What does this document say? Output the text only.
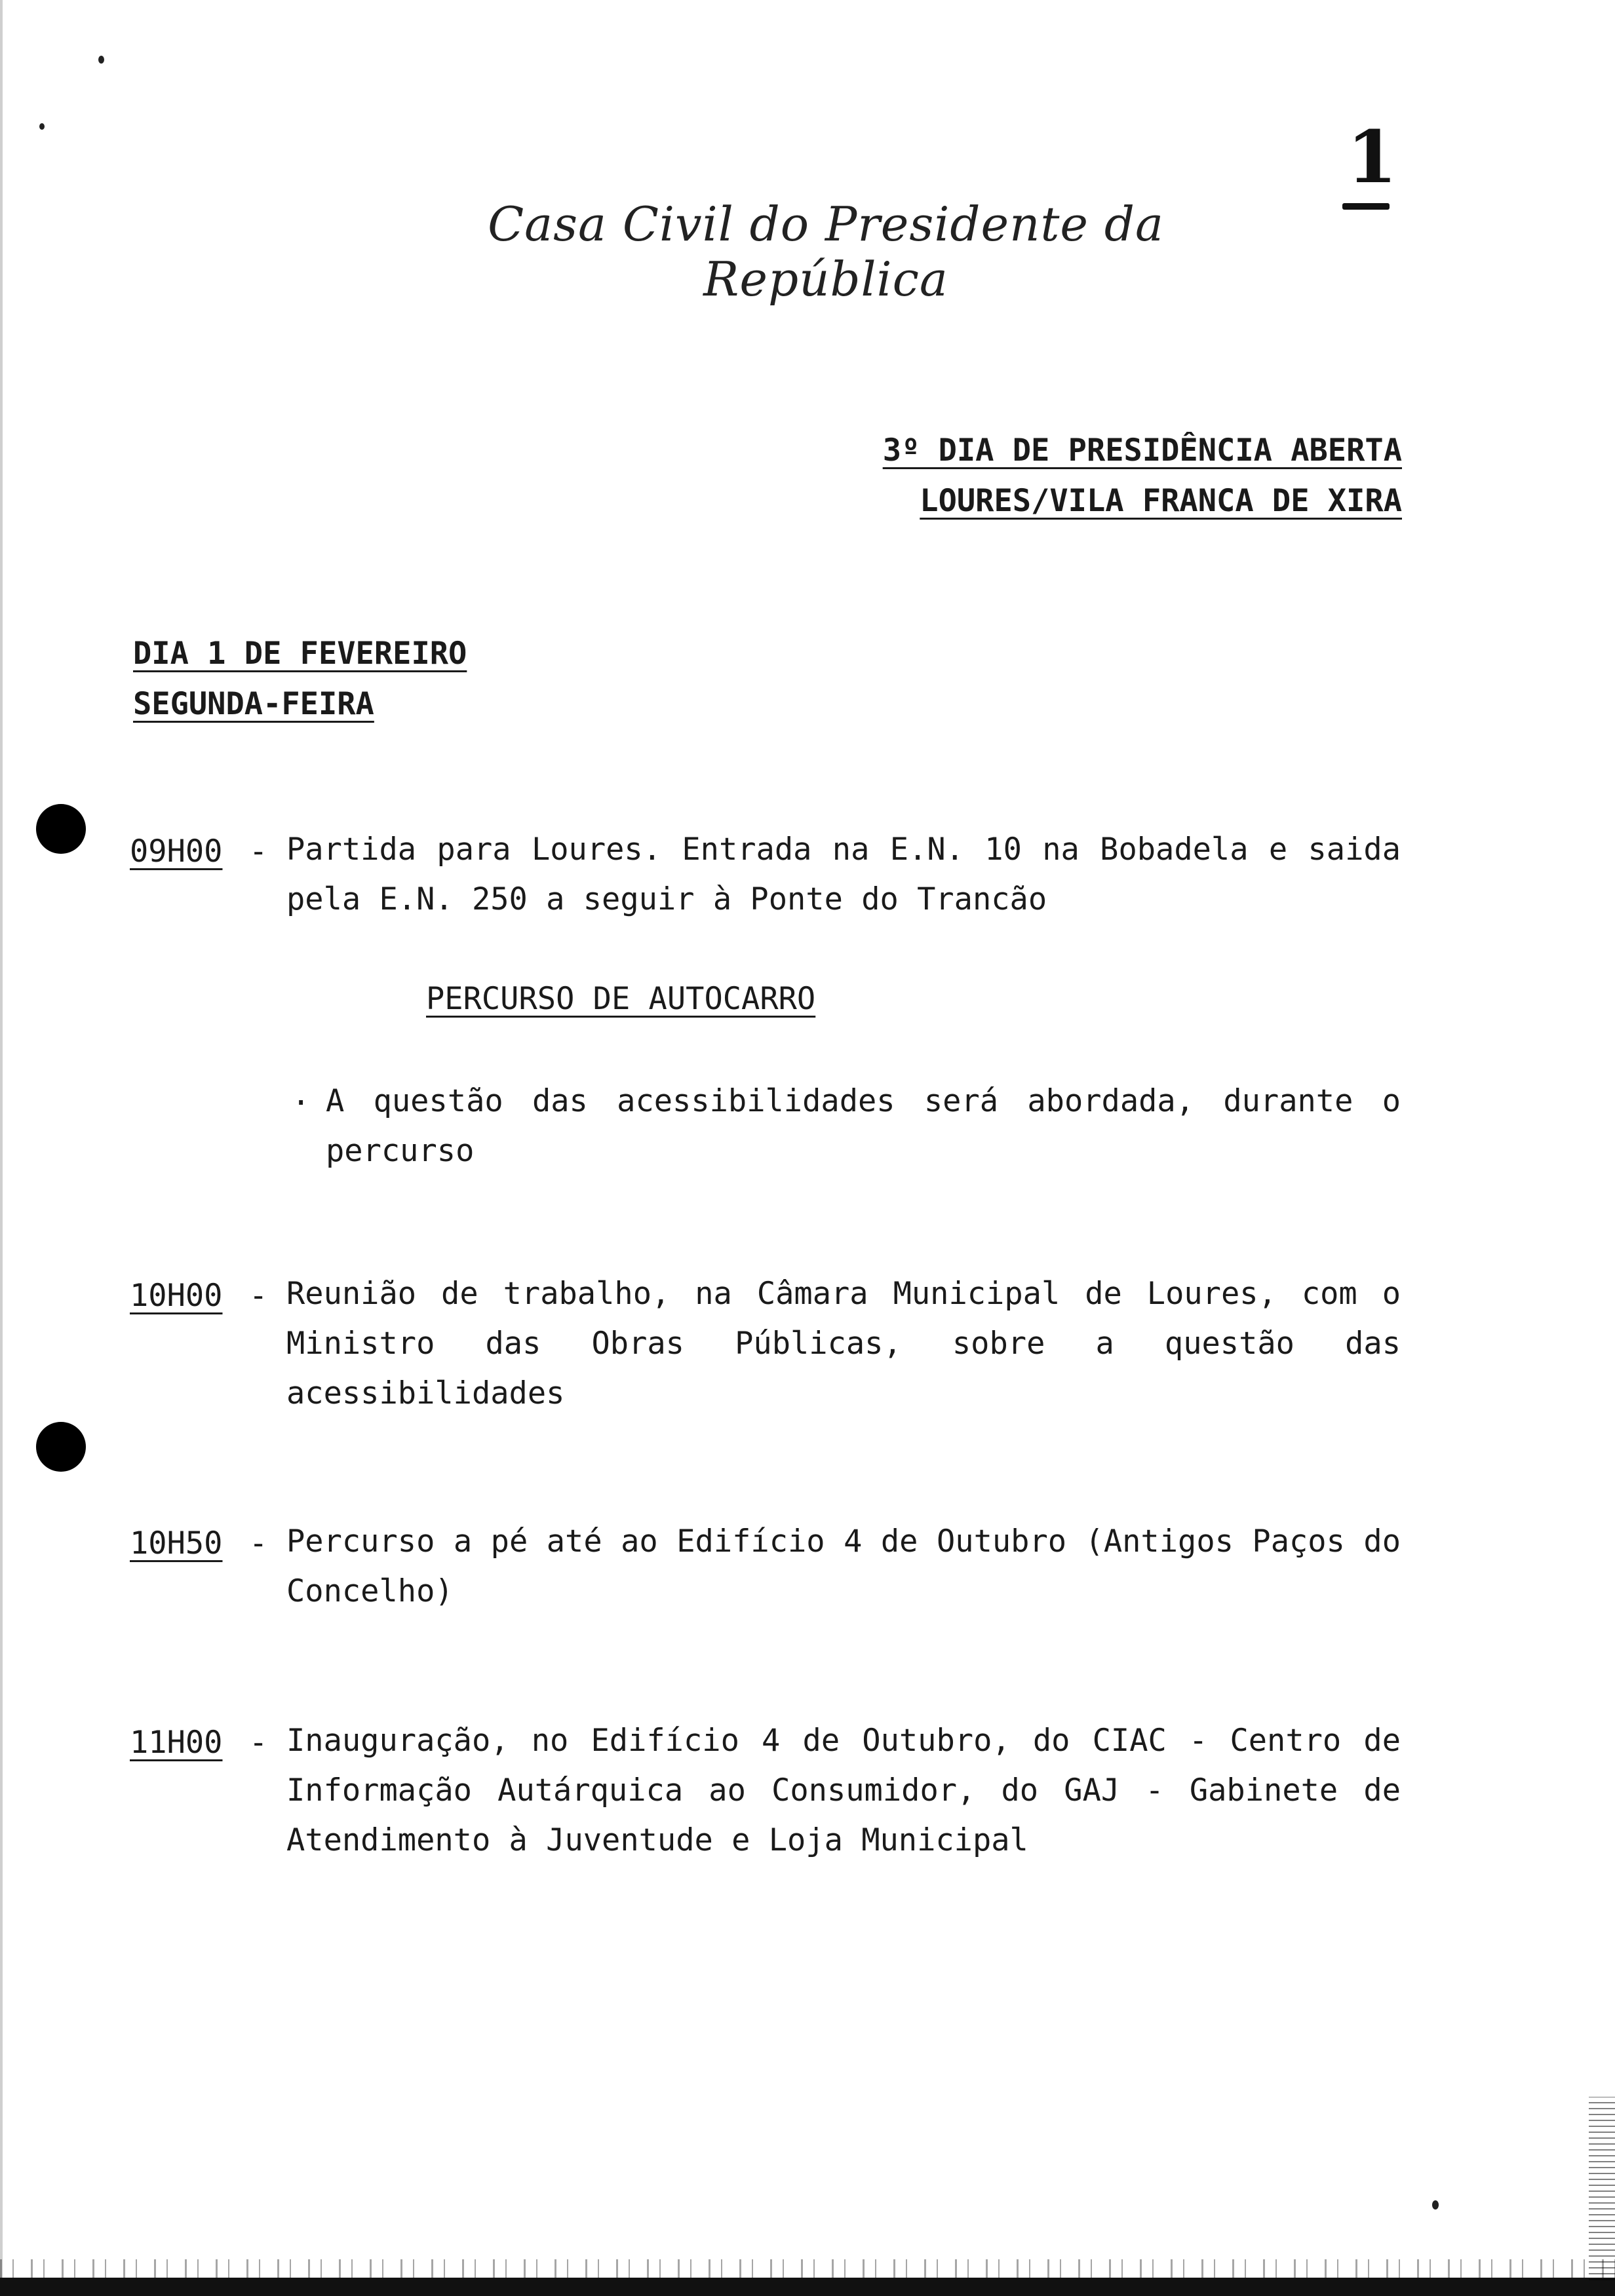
1
Casa Civil do Presidente da República
3º DIA DE PRESIDÊNCIA ABERTA
LOURES/VILA FRANCA DE XIRA
DIA 1 DE FEVEREIRO
SEGUNDA-FEIRA
09H00 - Partida para Loures. Entrada na E.N. 10 na Bobadela e saida pela E.N. 250 a seguir à Ponte do Trancão
PERCURSO DE AUTOCARRO
. A questão das acessibilidades será abordada, durante o percurso
10H00 - Reunião de trabalho, na Câmara Municipal de Loures, com o Ministro das Obras Públicas, sobre a questão das acessibilidades
10H50 - Percurso a pé até ao Edifício 4 de Outubro (Antigos Paços do Concelho)
11H00 - Inauguração, no Edifício 4 de Outubro, do CIAC - Centro de Informação Autárquica ao Consumidor, do GAJ - Gabinete de Atendimento à Juventude e Loja Municipal
